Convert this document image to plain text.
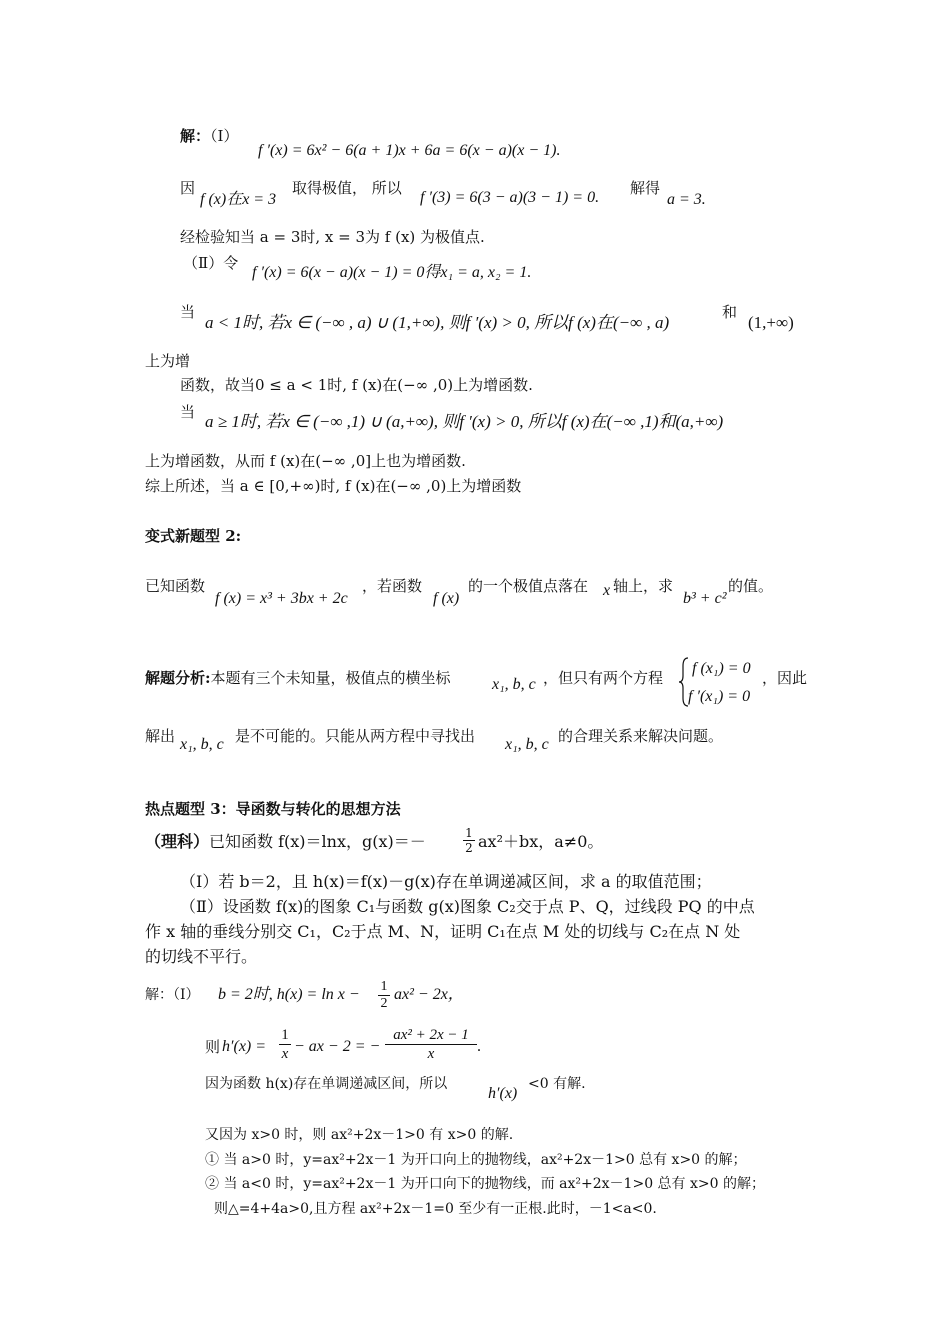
解：（Ⅰ）
f ′(x) = 6x² − 6(a + 1)x + 6a = 6(x − a)(x − 1).
因
f (x)在x = 3
取得极值， 所以
f ′(3) = 6(3 − a)(3 − 1) = 0.
解得
a = 3.
经检验知当 a = 3时, x = 3为 f (x) 为极值点.
（Ⅱ）令
f ′(x) = 6(x − a)(x − 1) = 0得x₁ = a, x₂ = 1.
当
a < 1时, 若x ∈ (−∞ , a) ∪ (1,+∞), 则f ′(x) > 0, 所以f (x)在(−∞ , a)
和
(1,+∞)
上为增
函数，故当0 ≤ a < 1时, f (x)在(−∞ ,0)上为增函数.
当 a ≥ 1时, 若x ∈ (−∞ ,1) ∪ (a,+∞), 则f ′(x) > 0, 所以f (x)在(−∞ ,1)和(a,+∞)
上为增函数，从而 f (x)在(−∞ ,0]上也为增函数.
综上所述，当 a ∈ [0,+∞)时, f (x)在(−∞ ,0)上为增函数
变式新题型 2:
已知函数
f (x) = x³ + 3bx + 2c
，若函数
f (x)
的一个极值点落在 x 轴上，求
b³ + c²
的值。
解题分析:本题有三个未知量，极值点的横坐标	x₁, b, c ，但只有两个方程
f (x₁) = 0
f ′(x₁) = 0
，因此
解出 x₁, b, c 是不可能的。只能从两方程中寻找出 x₁, b, c 的合理关系来解决问题。
热点题型 3：导函数与转化的思想方法
（理科）已知函数 f(x)＝lnx，g(x)＝－	$\frac{1}{2} ax^2+bx$，a≠0。
（Ⅰ）若 b＝2，且 h(x)＝f(x)－g(x)存在单调递减区间，求 a 的取值范围；
（Ⅱ）设函数 f(x)的图象 C₁与函数 g(x)图象 C₂交于点 P、Q，过线段 PQ 的中点
作 x 轴的垂线分别交 C₁，C₂于点 M、N，证明 C₁在点 M 处的切线与 C₂在点 N 处
的切线不平行。
解：（I） b = 2时, $h(x) = \ln x - \frac{1}{2} ax^2 - 2x$，
则 $h'(x) = \frac{1}{x}$ − ax − 2 = − $\frac{\text{ax² + 2x − 1}}{x}$ .
因为函数 h(x)存在单调递减区间，所以
h′(x)
<0 有解.
又因为 x>0 时，则 ax²+2x－1>0 有 x>0 的解.
① 当 a>0 时，y=ax²+2x－1 为开口向上的抛物线，ax²+2x－1>0 总有 x>0 的解；
② 当 a<0 时，y=ax²+2x－1 为开口向下的抛物线，而 ax²+2x－1>0 总有 x>0 的解；
则△=4+4a>0,且方程 ax²+2x－1=0 至少有一正根.此时，－1<a<0.
